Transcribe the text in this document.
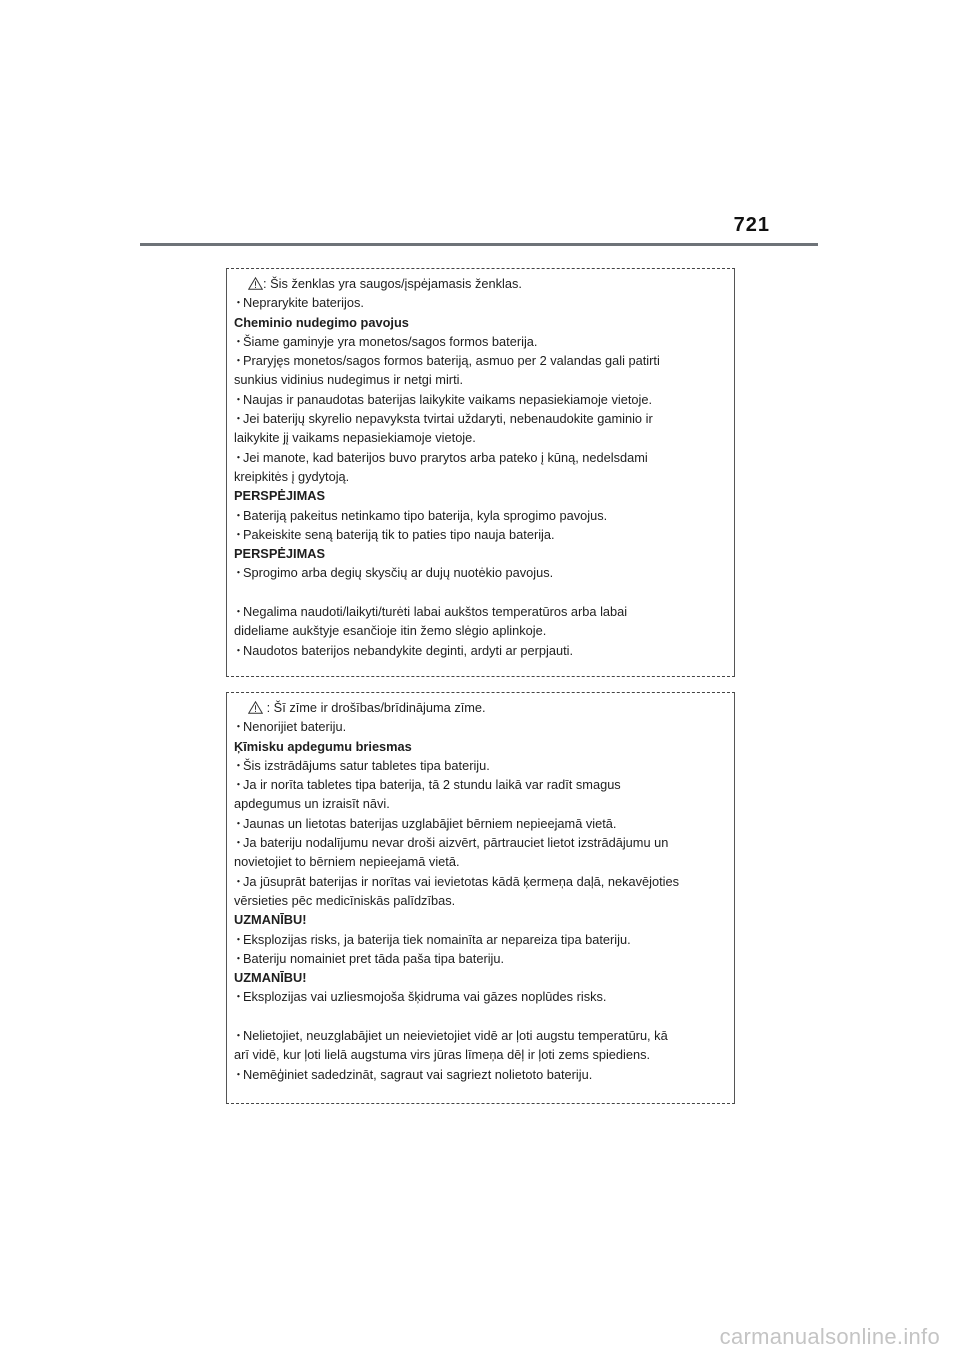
721
: Šis ženklas yra saugos/įspėjamasis ženklas.
･Neprarykite baterijos.
Cheminio nudegimo pavojus
･Šiame gaminyje yra monetos/sagos formos baterija.
･Praryjęs monetos/sagos formos bateriją, asmuo per 2 valandas gali patirti
sunkius vidinius nudegimus ir netgi mirti.
･Naujas ir panaudotas baterijas laikykite vaikams nepasiekiamoje vietoje.
･Jei baterijų skyrelio nepavyksta tvirtai uždaryti, nebenaudokite gaminio ir
laikykite jį vaikams nepasiekiamoje vietoje.
･Jei manote, kad baterijos buvo prarytos arba pateko į kūną, nedelsdami
kreipkitės į gydytoją.
PERSPĖJIMAS
･Bateriją pakeitus netinkamo tipo baterija, kyla sprogimo pavojus.
･Pakeiskite seną bateriją tik to paties tipo nauja baterija.
PERSPĖJIMAS
･Sprogimo arba degių skysčių ar dujų nuotėkio pavojus.
･Negalima naudoti/laikyti/turėti labai aukštos temperatūros arba labai
dideliame aukštyje esančioje itin žemo slėgio aplinkoje.
･Naudotos baterijos nebandykite deginti, ardyti ar perpjauti.
: Šī zīme ir drošības/brīdinājuma zīme.
･Nenorijiet bateriju.
Ķīmisku apdegumu briesmas
･Šis izstrādājums satur tabletes tipa bateriju.
･Ja ir norīta tabletes tipa baterija, tā 2 stundu laikā var radīt smagus
apdegumus un izraisīt nāvi.
･Jaunas un lietotas baterijas uzglabājiet bērniem nepieejamā vietā.
･Ja bateriju nodalījumu nevar droši aizvērt, pārtrauciet lietot izstrādājumu un
novietojiet to bērniem nepieejamā vietā.
･Ja jūsuprāt baterijas ir norītas vai ievietotas kādā ķermeņa daļā, nekavējoties
vērsieties pēc medicīniskās palīdzības.
UZMANĪBU!
･Eksplozijas risks, ja baterija tiek nomainīta ar nepareiza tipa bateriju.
･Bateriju nomainiet pret tāda paša tipa bateriju.
UZMANĪBU!
･Eksplozijas vai uzliesmojoša šķidruma vai gāzes noplūdes risks.
･Nelietojiet, neuzglabājiet un neievietojiet vidē ar ļoti augstu temperatūru, kā
arī vidē, kur ļoti lielā augstuma virs jūras līmeņa dēļ ir ļoti zems spiediens.
･Nemēģiniet sadedzināt, sagraut vai sagriezt nolietoto bateriju.
carmanualsonline.info
